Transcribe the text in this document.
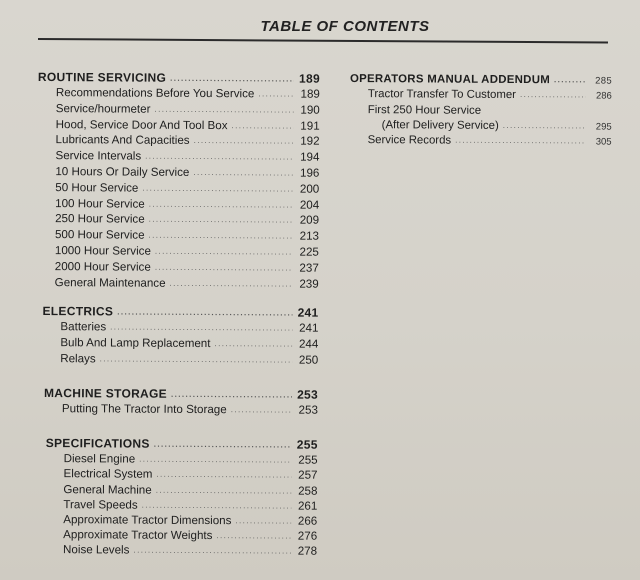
TABLE OF CONTENTS
ROUTINE SERVICING .....	189
Recommendations Before You Service .....	189
Service/hourmeter .....	190
Hood, Service Door And Tool Box .....	191
Lubricants And Capacities .....	192
Service Intervals .....	194
10 Hours Or Daily Service .....	196
50 Hour Service .....	200
100 Hour Service .....	204
250 Hour Service .....	209
500 Hour Service .....	213
1000 Hour Service .....	225
2000 Hour Service .....	237
General Maintenance .....	239
ELECTRICS .....	241
Batteries .....	241
Bulb And Lamp Replacement .....	244
Relays .....	250
MACHINE STORAGE .....	253
Putting The Tractor Into Storage .....	253
SPECIFICATIONS .....	255
Diesel Engine .....	255
Electrical System .....	257
General Machine .....	258
Travel Speeds .....	261
Approximate Tractor Dimensions .....	266
Approximate Tractor Weights .....	276
Noise Levels .....	278
OPERATORS MANUAL ADDENDUM .....	285
Tractor Transfer To Customer .....	286
First 250 Hour Service
(After Delivery Service) .....	295
Service Records .....	305
